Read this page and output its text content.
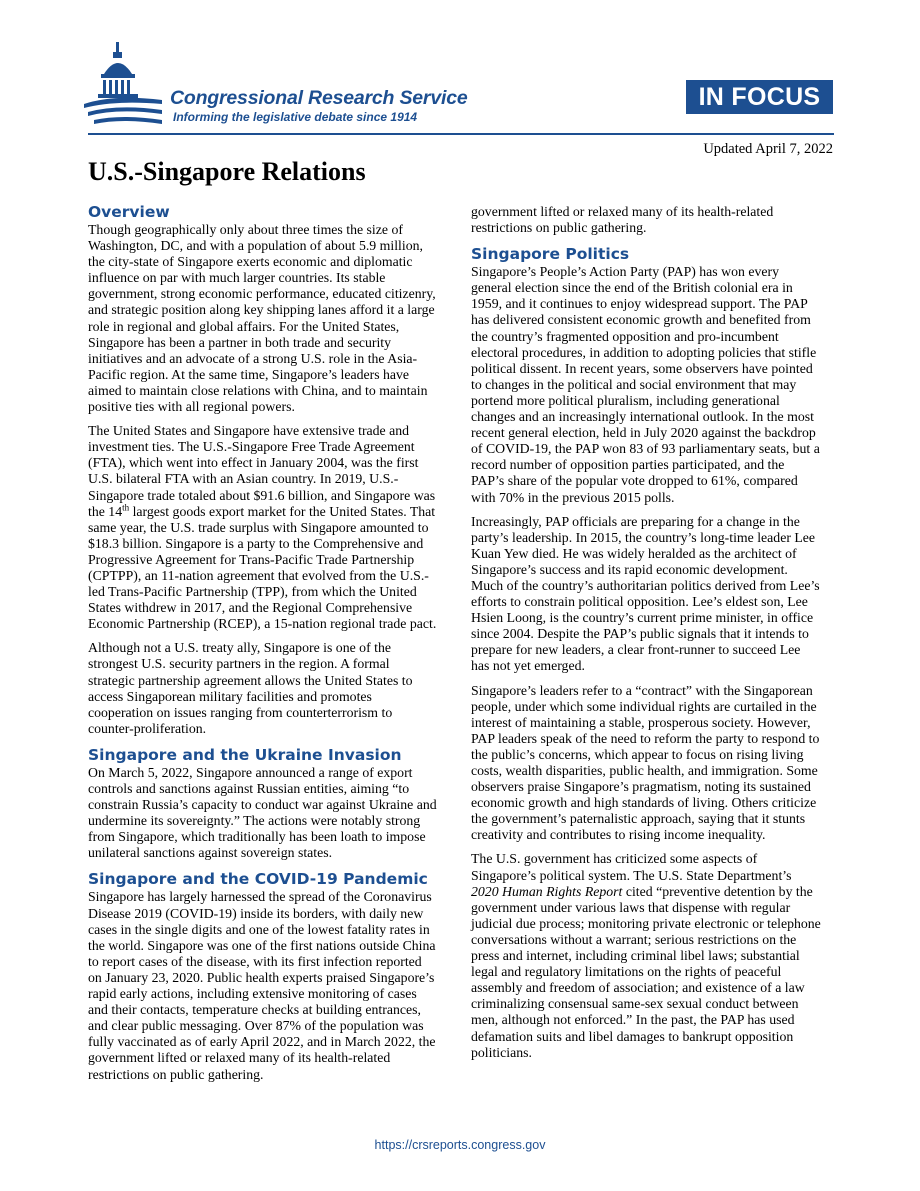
Congressional Research Service
Informing the legislative debate since 1914
IN FOCUS
Updated April 7, 2022
U.S.-Singapore Relations
Overview

Though geographically only about three times the size of Washington, DC, and with a population of about 5.9 million, the city-state of Singapore exerts economic and diplomatic influence on par with much larger countries. Its stable government, strong economic performance, educated citizenry, and strategic position along key shipping lanes afford it a large role in regional and global affairs. For the United States, Singapore has been a partner in both trade and security initiatives and an advocate of a strong U.S. role in the Asia-Pacific region. At the same time, Singapore’s leaders have aimed to maintain close relations with China, and to maintain positive ties with all regional powers.

The United States and Singapore have extensive trade and investment ties. The U.S.-Singapore Free Trade Agreement (FTA), which went into effect in January 2004, was the first U.S. bilateral FTA with an Asian country. In 2019, U.S.-Singapore trade totaled about $91.6 billion, and Singapore was the 14th largest goods export market for the United States. That same year, the U.S. trade surplus with Singapore amounted to $18.3 billion. Singapore is a party to the Comprehensive and Progressive Agreement for Trans-Pacific Trade Partnership (CPTPP), an 11-nation agreement that evolved from the U.S.-led Trans-Pacific Partnership (TPP), from which the United States withdrew in 2017, and the Regional Comprehensive Economic Partnership (RCEP), a 15-nation regional trade pact.

Although not a U.S. treaty ally, Singapore is one of the strongest U.S. security partners in the region. A formal strategic partnership agreement allows the United States to access Singaporean military facilities and promotes cooperation on issues ranging from counterterrorism to counter-proliferation.

Singapore and the Ukraine Invasion

On March 5, 2022, Singapore announced a range of export controls and sanctions against Russian entities, aiming “to constrain Russia’s capacity to conduct war against Ukraine and undermine its sovereignty.” The actions were notably strong from Singapore, which traditionally has been loath to impose unilateral sanctions against sovereign states.

Singapore and the COVID-19 Pandemic

Singapore has largely harnessed the spread of the Coronavirus Disease 2019 (COVID-19) inside its borders, with daily new cases in the single digits and one of the lowest fatality rates in the world. Singapore was one of the first nations outside China to report cases of the disease, with its first infection reported on January 23, 2020. Public health experts praised Singapore’s rapid early actions, including extensive monitoring of cases and their contacts, temperature checks at building entrances, and clear public messaging. Over 87% of the population was fully vaccinated as of early April 2022, and in March 2022, the government lifted or relaxed many of its health-related restrictions on public gathering.

government lifted or relaxed many of its health-related restrictions on public gathering.

Singapore Politics

Singapore’s People’s Action Party (PAP) has won every general election since the end of the British colonial era in 1959, and it continues to enjoy widespread support. The PAP has delivered consistent economic growth and benefited from the country’s fragmented opposition and pro-incumbent electoral procedures, in addition to adopting policies that stifle political dissent. In recent years, some observers have pointed to changes in the political and social environment that may portend more political pluralism, including generational changes and an increasingly international outlook. In the most recent general election, held in July 2020 against the backdrop of COVID-19, the PAP won 83 of 93 parliamentary seats, but a record number of opposition parties participated, and the PAP’s share of the popular vote dropped to 61%, compared with 70% in the previous 2015 polls.

Increasingly, PAP officials are preparing for a change in the party’s leadership. In 2015, the country’s long-time leader Lee Kuan Yew died. He was widely heralded as the architect of Singapore’s success and its rapid economic development. Much of the country’s authoritarian politics derived from Lee’s efforts to constrain political opposition. Lee’s eldest son, Lee Hsien Loong, is the country’s current prime minister, in office since 2004. Despite the PAP’s public signals that it intends to prepare for new leaders, a clear front-runner to succeed Lee has not yet emerged.

Singapore’s leaders refer to a “contract” with the Singaporean people, under which some individual rights are curtailed in the interest of maintaining a stable, prosperous society. However, PAP leaders speak of the need to reform the party to respond to the public’s concerns, which appear to focus on rising living costs, wealth disparities, public health, and immigration. Some observers praise Singapore’s pragmatism, noting its sustained economic growth and high standards of living. Others criticize the government’s paternalistic approach, saying that it stunts creativity and contributes to rising income inequality.

The U.S. government has criticized some aspects of Singapore’s political system. The U.S. State Department’s 2020 Human Rights Report cited “preventive detention by the government under various laws that dispense with regular judicial due process; monitoring private electronic or telephone conversations without a warrant; serious restrictions on the press and internet, including criminal libel laws; substantial legal and regulatory limitations on the rights of peaceful assembly and freedom of association; and existence of a law criminalizing consensual same-sex sexual conduct between men, although not enforced.” In the past, the PAP has used defamation suits and libel damages to bankrupt opposition politicians.

https://crsreports.congress.gov
